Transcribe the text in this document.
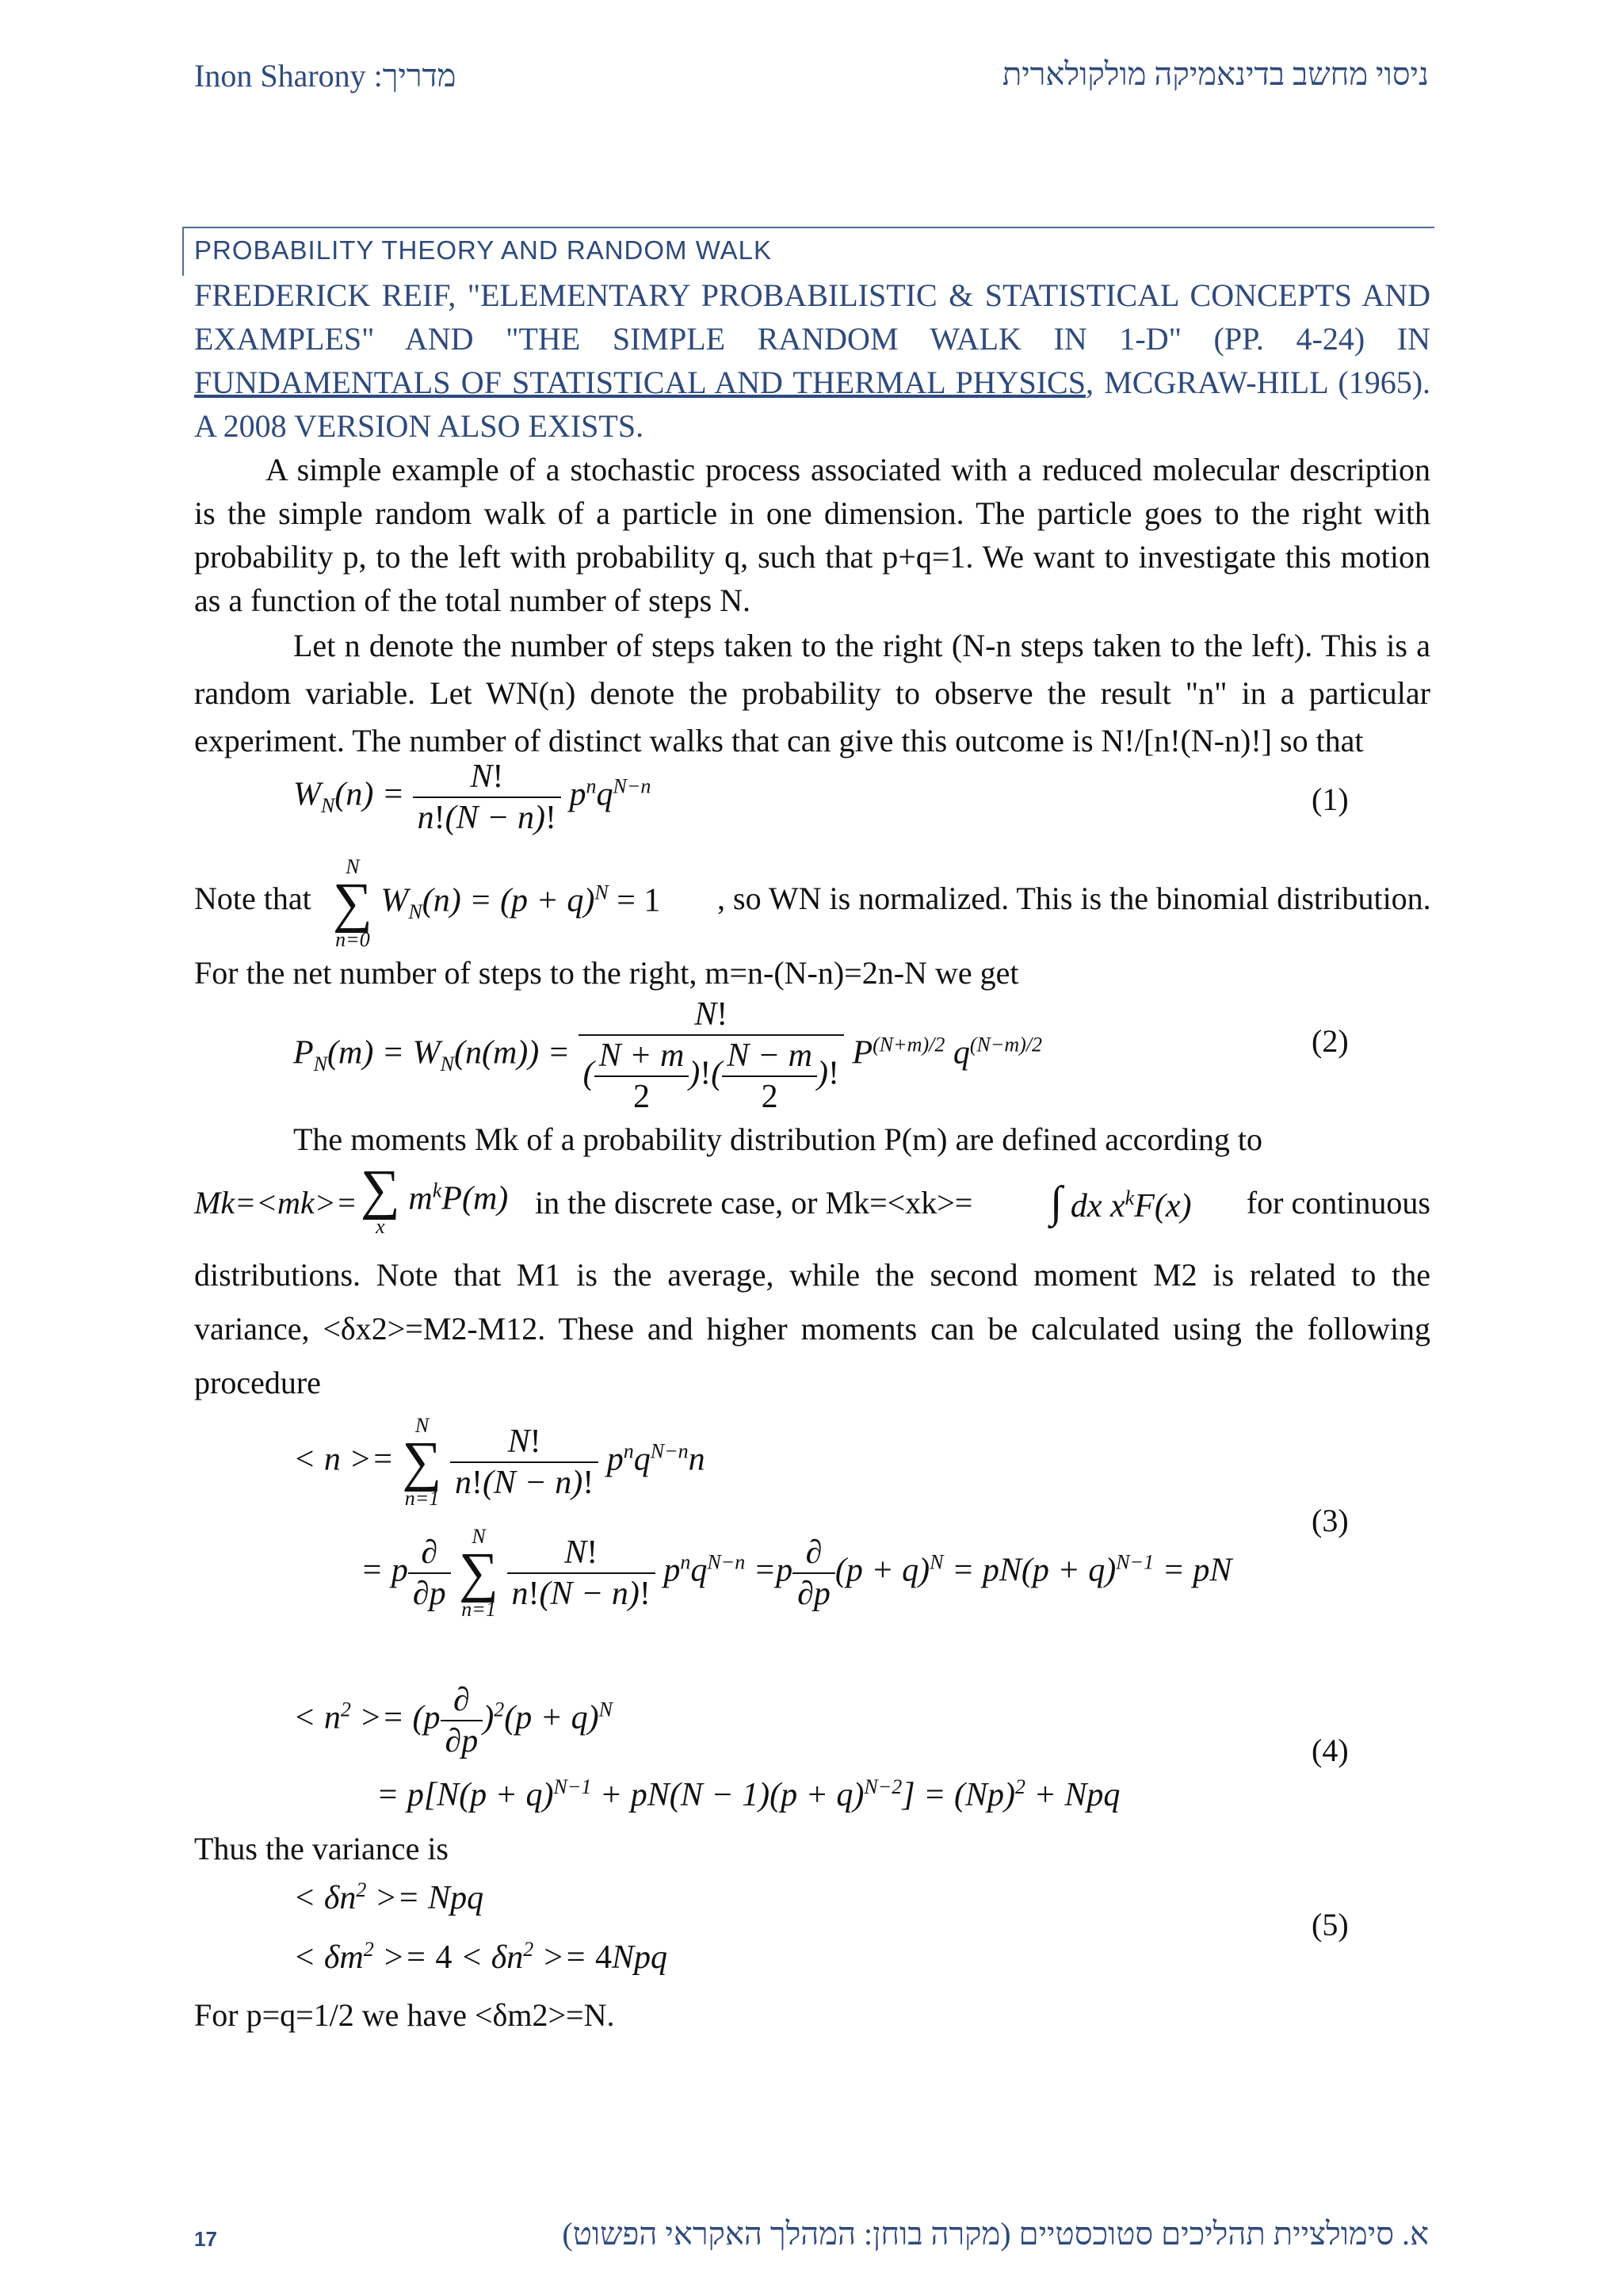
Inon Sharony :מדריך	ניסוי מחשב בדינאמיקה מולקולארית
PROBABILITY THEORY AND RANDOM WALK
FREDERICK REIF, "ELEMENTARY PROBABILISTIC & STATISTICAL CONCEPTS AND EXAMPLES" AND "THE SIMPLE RANDOM WALK IN 1-D" (PP. 4-24) IN FUNDAMENTALS OF STATISTICAL AND THERMAL PHYSICS, MCGRAW-HILL (1965). A 2008 VERSION ALSO EXISTS.
A simple example of a stochastic process associated with a reduced molecular description is the simple random walk of a particle in one dimension. The particle goes to the right with probability p, to the left with probability q, such that p+q=1. We want to investigate this motion as a function of the total number of steps N.
Let n denote the number of steps taken to the right (N-n steps taken to the left). This is a random variable. Let WN(n) denote the probability to observe the result "n" in a particular experiment. The number of distinct walks that can give this outcome is N!/[n!(N-n)!] so that
$W_N(n) = \frac{N!}{n!(N - n)!} p^nq^{N-n}$	(1)
Note that
N
∑
n=0
$W_N(n) = (p + q)^N = 1$ , so WN is normalized. This is the binomial distribution.
For the net number of steps to the right, m=n-(N-n)=2n-N we get
$P_N(m) = W_N(n(m)) = \frac{N!}{( \frac{N + m}{2} )!( \frac{N - m}{2} )!} P^{(N+m)/2}$ $q^{(N-m)/2}$	(2)
The moments Mk of a probability distribution P(m) are defined according to
Mk=<mk>= ∑
x
$m^kP(m)$ in the discrete case, or Mk=<xk>= ∫ dx $x^kF(x)$ for continuous
distributions. Note that M1 is the average, while the second moment M2 is related to the variance, <δx2>=M2-M12. These and higher moments can be calculated using the following procedure
< n >=
N
∑
n=1
$\frac{N!}{n!(N - n)!} p^nq^{N-n}n$
= p $\frac{\partial}{\partial p}$
	N
∑
n=1
$\frac{N!}{n!(N - n)!} p^nq^{N-n} =p \frac{\partial}{\partial p} (p + q)^N = pN(p + q)^{N-1}$ = pN
(3)
< $n^2 >= (p \frac{\partial}{\partial p} )^2(p + q)^N$
= $p[N(p + q)^{N-1} + pN(N - 1)(p + q)^{N-2}] = (Np)^2$ + Npq
(4)
Thus the variance is
< $\delta n^2$ >= Npq
< $\delta m^2 >= 4 < \delta n^2 >= 4Npq$
(5)
For p=q=1/2 we have <δm2>=N.
17	א. סימולציית תהליכים סטוכסטיים (מקרה בוחן: המהלך האקראי הפשוט)
